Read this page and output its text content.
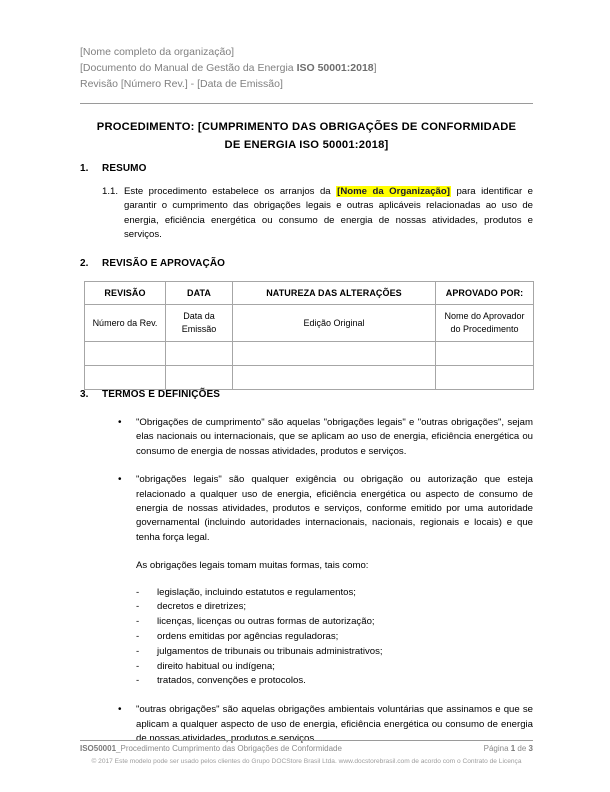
[Nome completo da organização]
[Documento do Manual de Gestão da Energia ISO 50001:2018]
Revisão [Número Rev.] - [Data de Emissão]
PROCEDIMENTO: [CUMPRIMENTO DAS OBRIGAÇÕES DE CONFORMIDADE
DE ENERGIA ISO 50001:2018]
1.	RESUMO
1.1. Este procedimento estabelece os arranjos da [Nome da Organização] para identificar e garantir o cumprimento das obrigações legais e outras aplicáveis relacionadas ao uso de energia, eficiência energética ou consumo de energia de nossas atividades, produtos e serviços.
2.	REVISÃO E APROVAÇÃO
REVISÃO	DATA	NATUREZA DAS ALTERAÇÕES	APROVADO POR:
Número da Rev.	Data da Emissão	Edição Original	Nome do Aprovador do Procedimento

3.	TERMOS E DEFINIÇÕES
•	"Obrigações de cumprimento" são aquelas "obrigações legais" e "outras obrigações", sejam elas nacionais ou internacionais, que se aplicam ao uso de energia, eficiência energética ou consumo de energia de nossas atividades, produtos e serviços.
•	"obrigações legais" são qualquer exigência ou obrigação ou autorização que esteja relacionado a qualquer uso de energia, eficiência energética ou aspecto de consumo de energia de nossas atividades, produtos e serviços, conforme emitido por uma autoridade governamental (incluindo autoridades internacionais, nacionais, regionais e locais) e que tenha força legal.
As obrigações legais tomam muitas formas, tais como:
-	legislação, incluindo estatutos e regulamentos;
-	decretos e diretrizes;
-	licenças, licenças ou outras formas de autorização;
-	ordens emitidas por agências reguladoras;
-	julgamentos de tribunais ou tribunais administrativos;
-	direito habitual ou indígena;
-	tratados, convenções e protocolos.
•	"outras obrigações" são aquelas obrigações ambientais voluntárias que assinamos e que se aplicam a qualquer aspecto de uso de energia, eficiência energética ou consumo de energia de nossas atividades, produtos e serviços.
ISO50001_Procedimento Cumprimento das Obrigações de Conformidade	Página 1 de 3
© 2017 Este modelo pode ser usado pelos clientes do Grupo DOCStore Brasil Ltda. www.docstorebrasil.com de acordo com o Contrato de Licença
